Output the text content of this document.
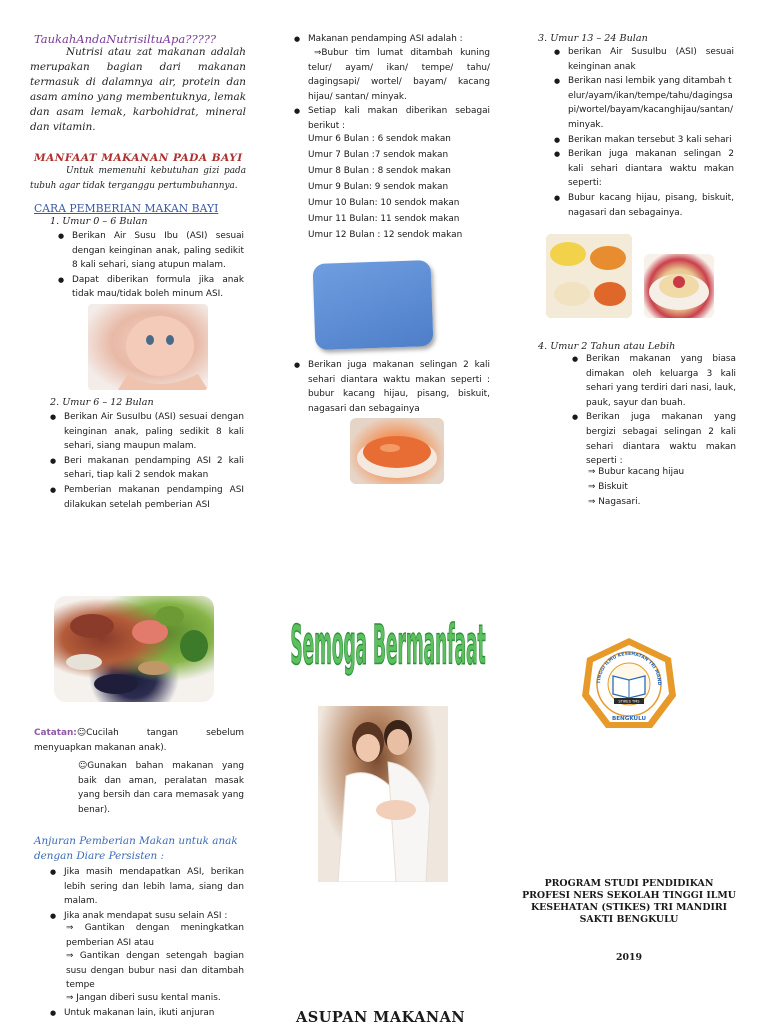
TaukahAndaNutrisiltuApa?????
Nutrisi atau zat makanan adalah merupakan bagian dari makanan termasuk di dalamnya air, protein dan asam amino yang membentuknya, lemak dan asam lemak, karbohidrat, mineral dan vitamin.
MANFAAT MAKANAN PADA BAYI
Untuk memenuhi kebutuhan gizi pada tubuh agar tidak terganggu pertumbuhannya.
CARA PEMBERIAN MAKAN BAYI
1. Umur 0 – 6 Bulan
● Berikan Air Susu Ibu (ASI) sesuai dengan keinginan anak, paling sedikit 8 kali sehari, siang atupun malam.
● Dapat diberikan formula jika anak tidak mau/tidak boleh minum ASI.
2. Umur 6 – 12 Bulan
● Berikan Air SusuIbu (ASI) sesuai dengan keinginan anak, paling sedikit 8 kali sehari, siang maupun malam.
● Beri makanan pendamping ASI 2 kali sehari, tiap kali 2 sendok makan
● Pemberian makanan pendamping ASI dilakukan setelah pemberian ASI
Catatan:☺Cucilah tangan sebelum menyuapkan makanan anak).
☺Gunakan bahan makanan yang baik dan aman, peralatan masak yang bersih dan cara memasak yang benar).
Anjuran Pemberian Makan untuk anak dengan Diare Persisten :
● Jika masih mendapatkan ASI, berikan lebih sering dan lebih lama, siang dan malam.
● Jika anak mendapat susu selain ASI :
⇒ Gantikan dengan meningkatkan pemberian ASI atau
⇒ Gantikan dengan setengah bagian susu dengan bubur nasi dan ditambah tempe
⇒ Jangan diberi susu kental manis.
● Untuk makanan lain, ikuti anjuran
● Makanan pendamping ASI adalah :
⇒Bubur tim lumat ditambah kuning telur/ ayam/ ikan/ tempe/ tahu/ dagingsapi/ wortel/ bayam/ kacang hijau/ santan/ minyak.
● Setiap kali makan diberikan sebagai berikut :
Umur 6 Bulan : 6 sendok makan
Umur 7 Bulan :7 sendok makan
Umur 8 Bulan : 8 sendok makan
Umur 9 Bulan: 9 sendok makan
Umur 10 Bulan: 10 sendok makan
Umur 11 Bulan: 11 sendok makan
Umur 12 Bulan : 12 sendok makan
● Berikan juga makanan selingan 2 kali sehari diantara waktu makan seperti : bubur kacang hijau, pisang, biskuit, nagasari dan sebagainya
Semoga Bermanfaat
3. Umur 13 – 24 Bulan
● berikan Air SusuIbu (ASI) sesuai keinginan anak
● Berikan nasi lembik yang ditambah telur/ayam/ikan/tempe/tahu/dagingsapi/wortel/bayam/kacanghijau/santan/minyak.
● Berikan makan tersebut 3 kali sehari
● Berikan juga makanan selingan 2 kali sehari diantara waktu makan seperti:
● Bubur kacang hijau, pisang, biskuit, nagasari dan sebagainya.
4. Umur 2 Tahun atau Lebih
● Berikan makanan yang biasa dimakan oleh keluarga 3 kali sehari yang terdiri dari nasi, lauk, pauk, sayur dan buah.
● Berikan juga makanan yang bergizi sebagai selingan 2 kali sehari diantara waktu makan seperti :
⇒ Bubur kacang hijau
⇒ Biskuit
⇒ Nagasari.
STIKES TMS
TINGGI ILMU KESEHATAN TRI MAND
BENGKULU
PROGRAM STUDI PENDIDIKAN PROFESI NERS SEKOLAH TINGGI ILMU KESEHATAN (STIKES) TRI MANDIRI SAKTI BENGKULU
2019
ASUPAN MAKANAN
